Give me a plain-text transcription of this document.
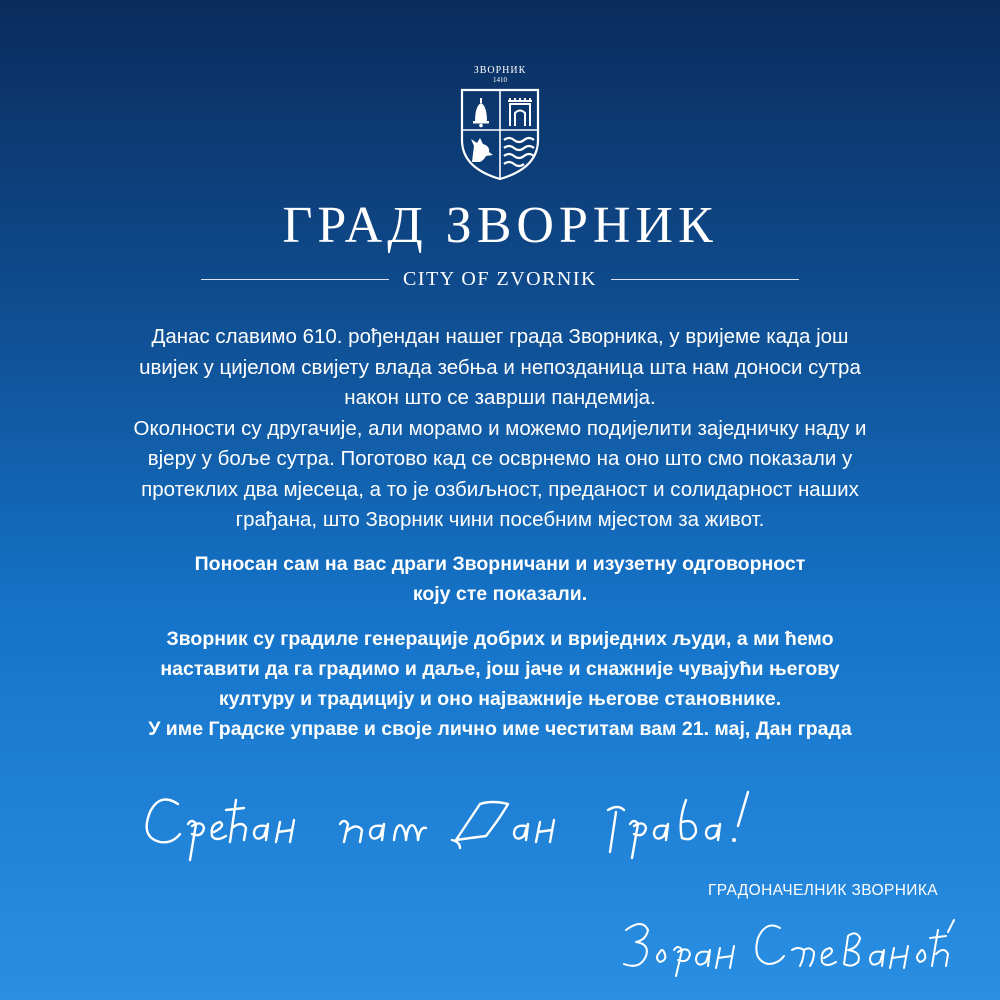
ЗВОРНИК
1410
ГРАД ЗВОРНИК
CITY OF ZVORNIK

Данас славимо 610. рођендан нашег града Зворника, у вријеме када још

uвијек у цијелом свијету влада зебња и непозданица шта нам доноси сутра

након што се заврши пандемија.

Околности су другачије, али морамо и можемо подијелити заједничку наду и

вјеру у боље сутра. Поготово кад се осврнемо на оно што смо показали у

протеклих два мјесеца, а то је озбиљност, преданост и солидарност наших

грађана, што Зворник чини посебним мјестом за живот.

Поносан сам на вас драги Зворничани и изузетну одговорност

коју сте показали.

Зворник су градиле генерације добрих и вриједних људи, а ми ћемо

наставити да га градимо и даље, још јаче и снажније чувајући његову

културу и традицију и оно најважније његове становнике.

У име Градске управе и своје лично име честитам вам 21. мај, Дан града

ГРАДОНАЧЕЛНИК ЗВОРНИКА
